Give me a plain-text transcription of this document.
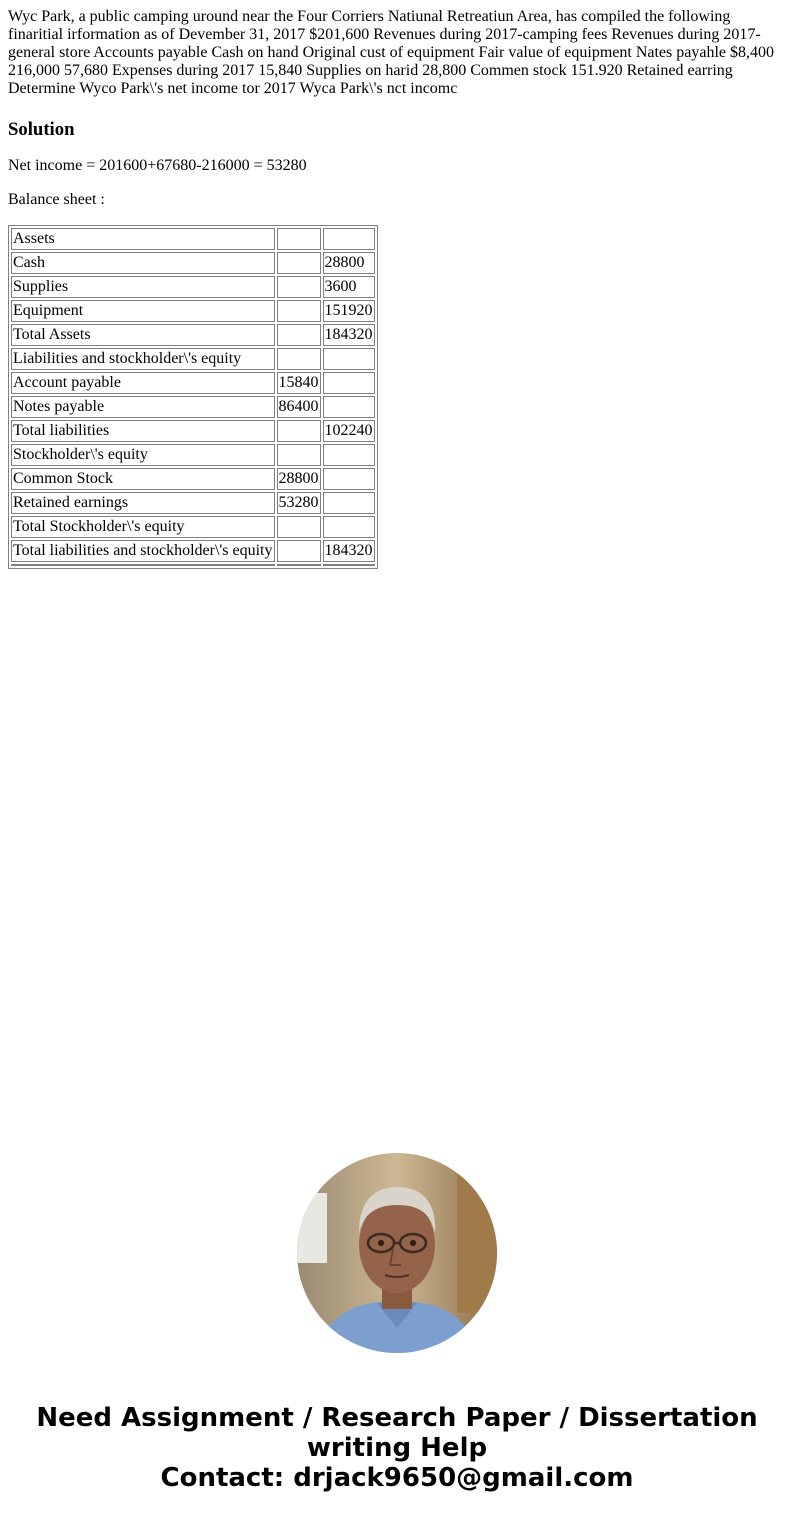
Wyc Park, a public camping uround near the Four Corriers Natiunal Retreatiun Area, has compiled the following finaritial irformation as of Devember 31, 2017 $201,600 Revenues during 2017-camping fees Revenues during 2017-general store Accounts payable Cash on hand Original cust of equipment Fair value of equipment Nates payahle $8,400 216,000 57,680 Expenses during 2017 15,840 Supplies on harid 28,800 Commen stock 151.920 Retained earring Determine Wyco Park\'s net income tor 2017 Wyca Park\'s nct incomc

Solution

Net income = 201600+67680-216000 = 53280

Balance sheet :

Assets		
Cash		28800
Supplies		3600
Equipment		151920
Total Assets		184320
Liabilities and stockholder\'s equity		
Account payable	15840	
Notes payable	86400	
Total liabilities		102240
Stockholder\'s equity		
Common Stock	28800	
Retained earnings	53280	
Total Stockholder\'s equity		
Total liabilities and stockholder\'s equity		184320

Need Assignment / Research Paper / Dissertation
writing Help
Contact: drjack9650@gmail.com
